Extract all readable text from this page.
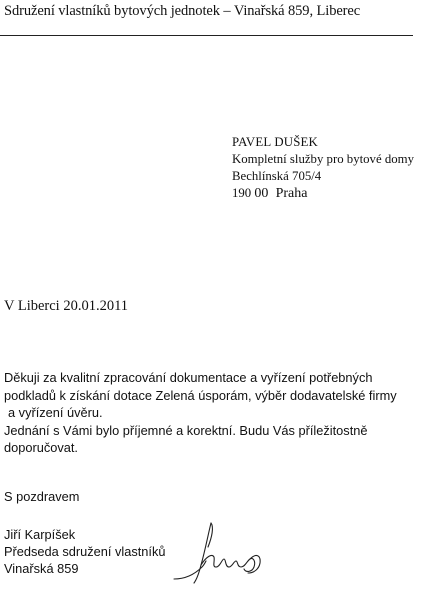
Sdružení vlastníků bytových jednotek – Vinařská 859, Liberec
PAVEL DUŠEK
Kompletní služby pro bytové domy
Bechlínská 705/4
190 00 Praha
V Liberci 20.01.2011
Děkuji za kvalitní zpracování dokumentace a vyřízení potřebných
podkladů k získání dotace Zelená úsporám, výběr dodavatelské firmy
a vyřízení úvěru.
Jednání s Vámi bylo příjemné a korektní. Budu Vás příležitostně
doporučovat.
S pozdravem
Jiří Karpíšek
Předseda sdružení vlastníků
Vinařská 859
